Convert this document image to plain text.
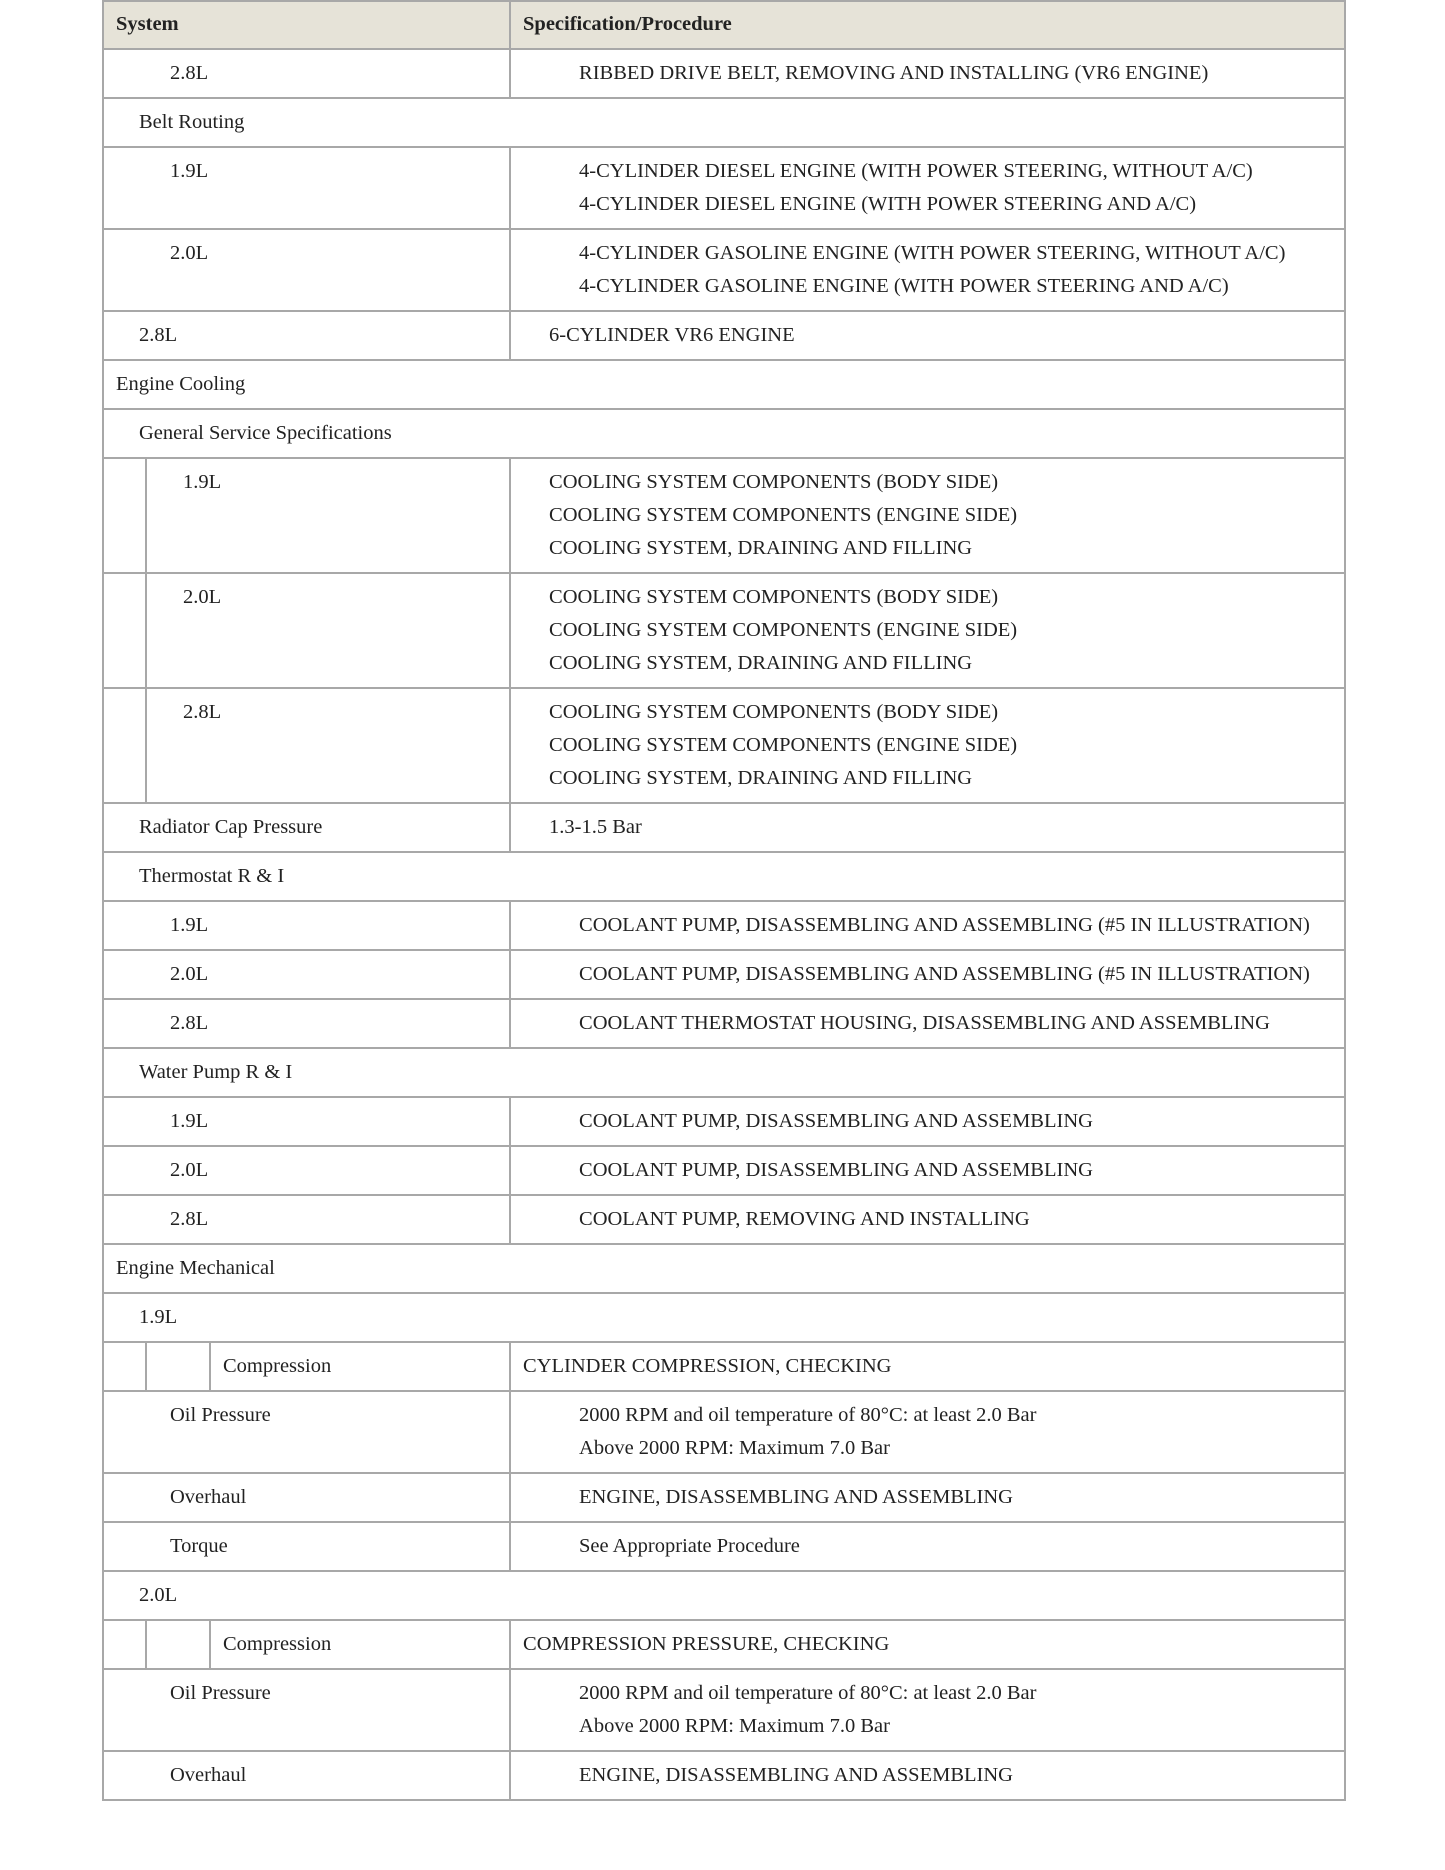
System			Specification/Procedure
2.8L			RIBBED DRIVE BELT, REMOVING AND INSTALLING (VR6 ENGINE)

Belt Routing			
1.9L			4-CYLINDER DIESEL ENGINE (WITH POWER STEERING, WITHOUT A/C)
4-CYLINDER DIESEL ENGINE (WITH POWER STEERING AND A/C)

2.0L			4-CYLINDER GASOLINE ENGINE (WITH POWER STEERING, WITHOUT A/C)
4-CYLINDER GASOLINE ENGINE (WITH POWER STEERING AND A/C)

2.8L			6-CYLINDER VR6 ENGINE

Engine Cooling			
General Service Specifications			
	1.9L		COOLING SYSTEM COMPONENTS (BODY SIDE)
COOLING SYSTEM COMPONENTS (ENGINE SIDE)
COOLING SYSTEM, DRAINING AND FILLING

	2.0L		COOLING SYSTEM COMPONENTS (BODY SIDE)
COOLING SYSTEM COMPONENTS (ENGINE SIDE)
COOLING SYSTEM, DRAINING AND FILLING

	2.8L		COOLING SYSTEM COMPONENTS (BODY SIDE)
COOLING SYSTEM COMPONENTS (ENGINE SIDE)
COOLING SYSTEM, DRAINING AND FILLING

Radiator Cap Pressure			1.3-1.5 Bar

Thermostat R & I			
1.9L			COOLANT PUMP, DISASSEMBLING AND ASSEMBLING (#5 IN ILLUSTRATION)

2.0L			COOLANT PUMP, DISASSEMBLING AND ASSEMBLING (#5 IN ILLUSTRATION)

2.8L			COOLANT THERMOSTAT HOUSING, DISASSEMBLING AND ASSEMBLING

Water Pump R & I			
1.9L			COOLANT PUMP, DISASSEMBLING AND ASSEMBLING

2.0L			COOLANT PUMP, DISASSEMBLING AND ASSEMBLING

2.8L			COOLANT PUMP, REMOVING AND INSTALLING

Engine Mechanical			
1.9L			
		Compression	CYLINDER COMPRESSION, CHECKING

Oil Pressure			2000 RPM and oil temperature of 80°C: at least 2.0 Bar
Above 2000 RPM: Maximum 7.0 Bar

Overhaul			ENGINE, DISASSEMBLING AND ASSEMBLING

Torque			See Appropriate Procedure

2.0L			
		Compression	COMPRESSION PRESSURE, CHECKING

Oil Pressure			2000 RPM and oil temperature of 80°C: at least 2.0 Bar
Above 2000 RPM: Maximum 7.0 Bar

Overhaul			ENGINE, DISASSEMBLING AND ASSEMBLING
